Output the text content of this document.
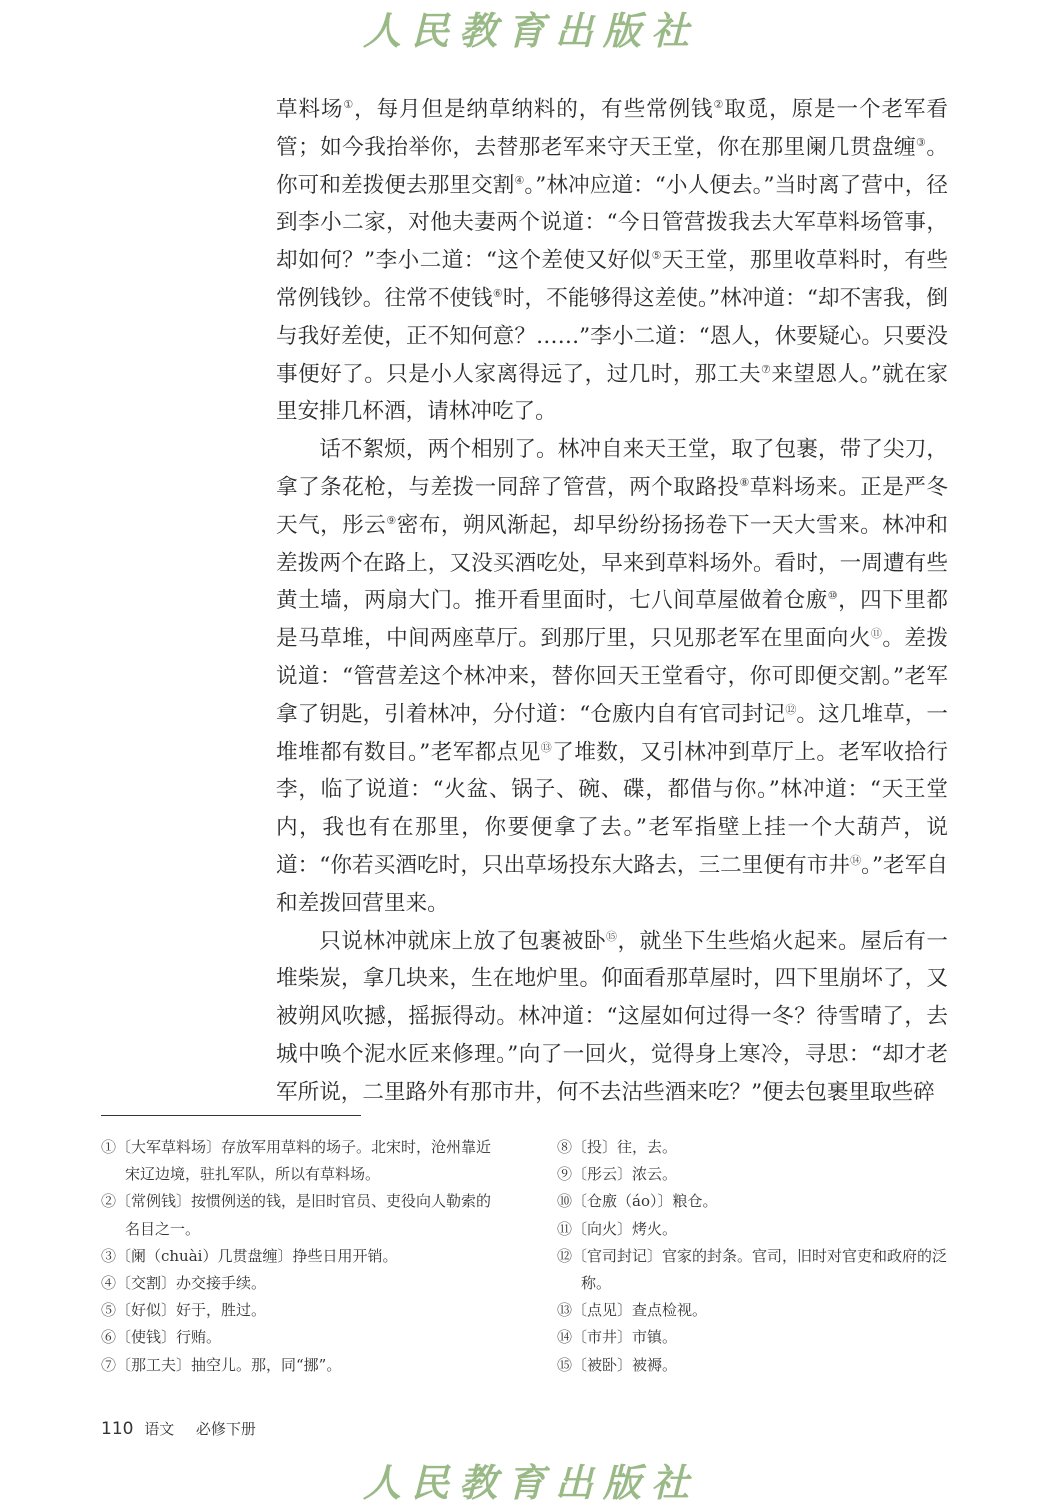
人民教育出版社

草料场①，每月但是纳草纳料的，有些常例钱②取觅，原是一个老军看管；如今我抬举你，去替那老军来守天王堂，你在那里阑几贯盘缠③。你可和差拨便去那里交割④。”林冲应道：“小人便去。”当时离了营中，径到李小二家，对他夫妻两个说道：“今日管营拨我去大军草料场管事，却如何？”李小二道：“这个差使又好似⑤天王堂，那里收草料时，有些常例钱钞。往常不使钱⑥时，不能够得这差使。”林冲道：“却不害我，倒与我好差使，正不知何意？……”李小二道：“恩人，休要疑心。只要没事便好了。只是小人家离得远了，过几时，那工夫⑦来望恩人。”就在家里安排几杯酒，请林冲吃了。

话不絮烦，两个相别了。林冲自来天王堂，取了包裹，带了尖刀，拿了条花枪，与差拨一同辞了管营，两个取路投⑧草料场来。正是严冬天气，彤云⑨密布，朔风渐起，却早纷纷扬扬卷下一天大雪来。林冲和差拨两个在路上，又没买酒吃处，早来到草料场外。看时，一周遭有些黄土墙，两扇大门。推开看里面时，七八间草屋做着仓廒⑩，四下里都是马草堆，中间两座草厅。到那厅里，只见那老军在里面向火⑪。差拨说道：“管营差这个林冲来，替你回天王堂看守，你可即便交割。”老军拿了钥匙，引着林冲，分付道：“仓廒内自有官司封记⑫。这几堆草，一堆堆都有数目。”老军都点见⑬了堆数，又引林冲到草厅上。老军收拾行李，临了说道：“火盆、锅子、碗、碟，都借与你。”林冲道：“天王堂内，我也有在那里，你要便拿了去。”老军指壁上挂一个大葫芦，说道：“你若买酒吃时，只出草场投东大路去，三二里便有市井⑭。”老军自和差拨回营里来。

只说林冲就床上放了包裹被卧⑮，就坐下生些焰火起来。屋后有一堆柴炭，拿几块来，生在地炉里。仰面看那草屋时，四下里崩坏了，又被朔风吹撼，摇振得动。林冲道：“这屋如何过得一冬？待雪晴了，去城中唤个泥水匠来修理。”向了一回火，觉得身上寒冷，寻思：“却才老军所说，二里路外有那市井，何不去沽些酒来吃？”便去包裹里取些碎

①〔大军草料场〕存放军用草料的场子。北宋时，沧州靠近宋辽边境，驻扎军队，所以有草料场。
②〔常例钱〕按惯例送的钱，是旧时官员、吏役向人勒索的名目之一。
③〔阑（chuài）几贯盘缠〕挣些日用开销。
④〔交割〕办交接手续。
⑤〔好似〕好于，胜过。
⑥〔使钱〕行贿。
⑦〔那工夫〕抽空儿。那，同“挪”。
⑧〔投〕往，去。
⑨〔彤云〕浓云。
⑩〔仓廒（áo）〕粮仓。
⑪〔向火〕烤火。
⑫〔官司封记〕官家的封条。官司，旧时对官吏和政府的泛称。
⑬〔点见〕查点检视。
⑭〔市井〕市镇。
⑮〔被卧〕被褥。
110 语文 必修下册
人民教育出版社
